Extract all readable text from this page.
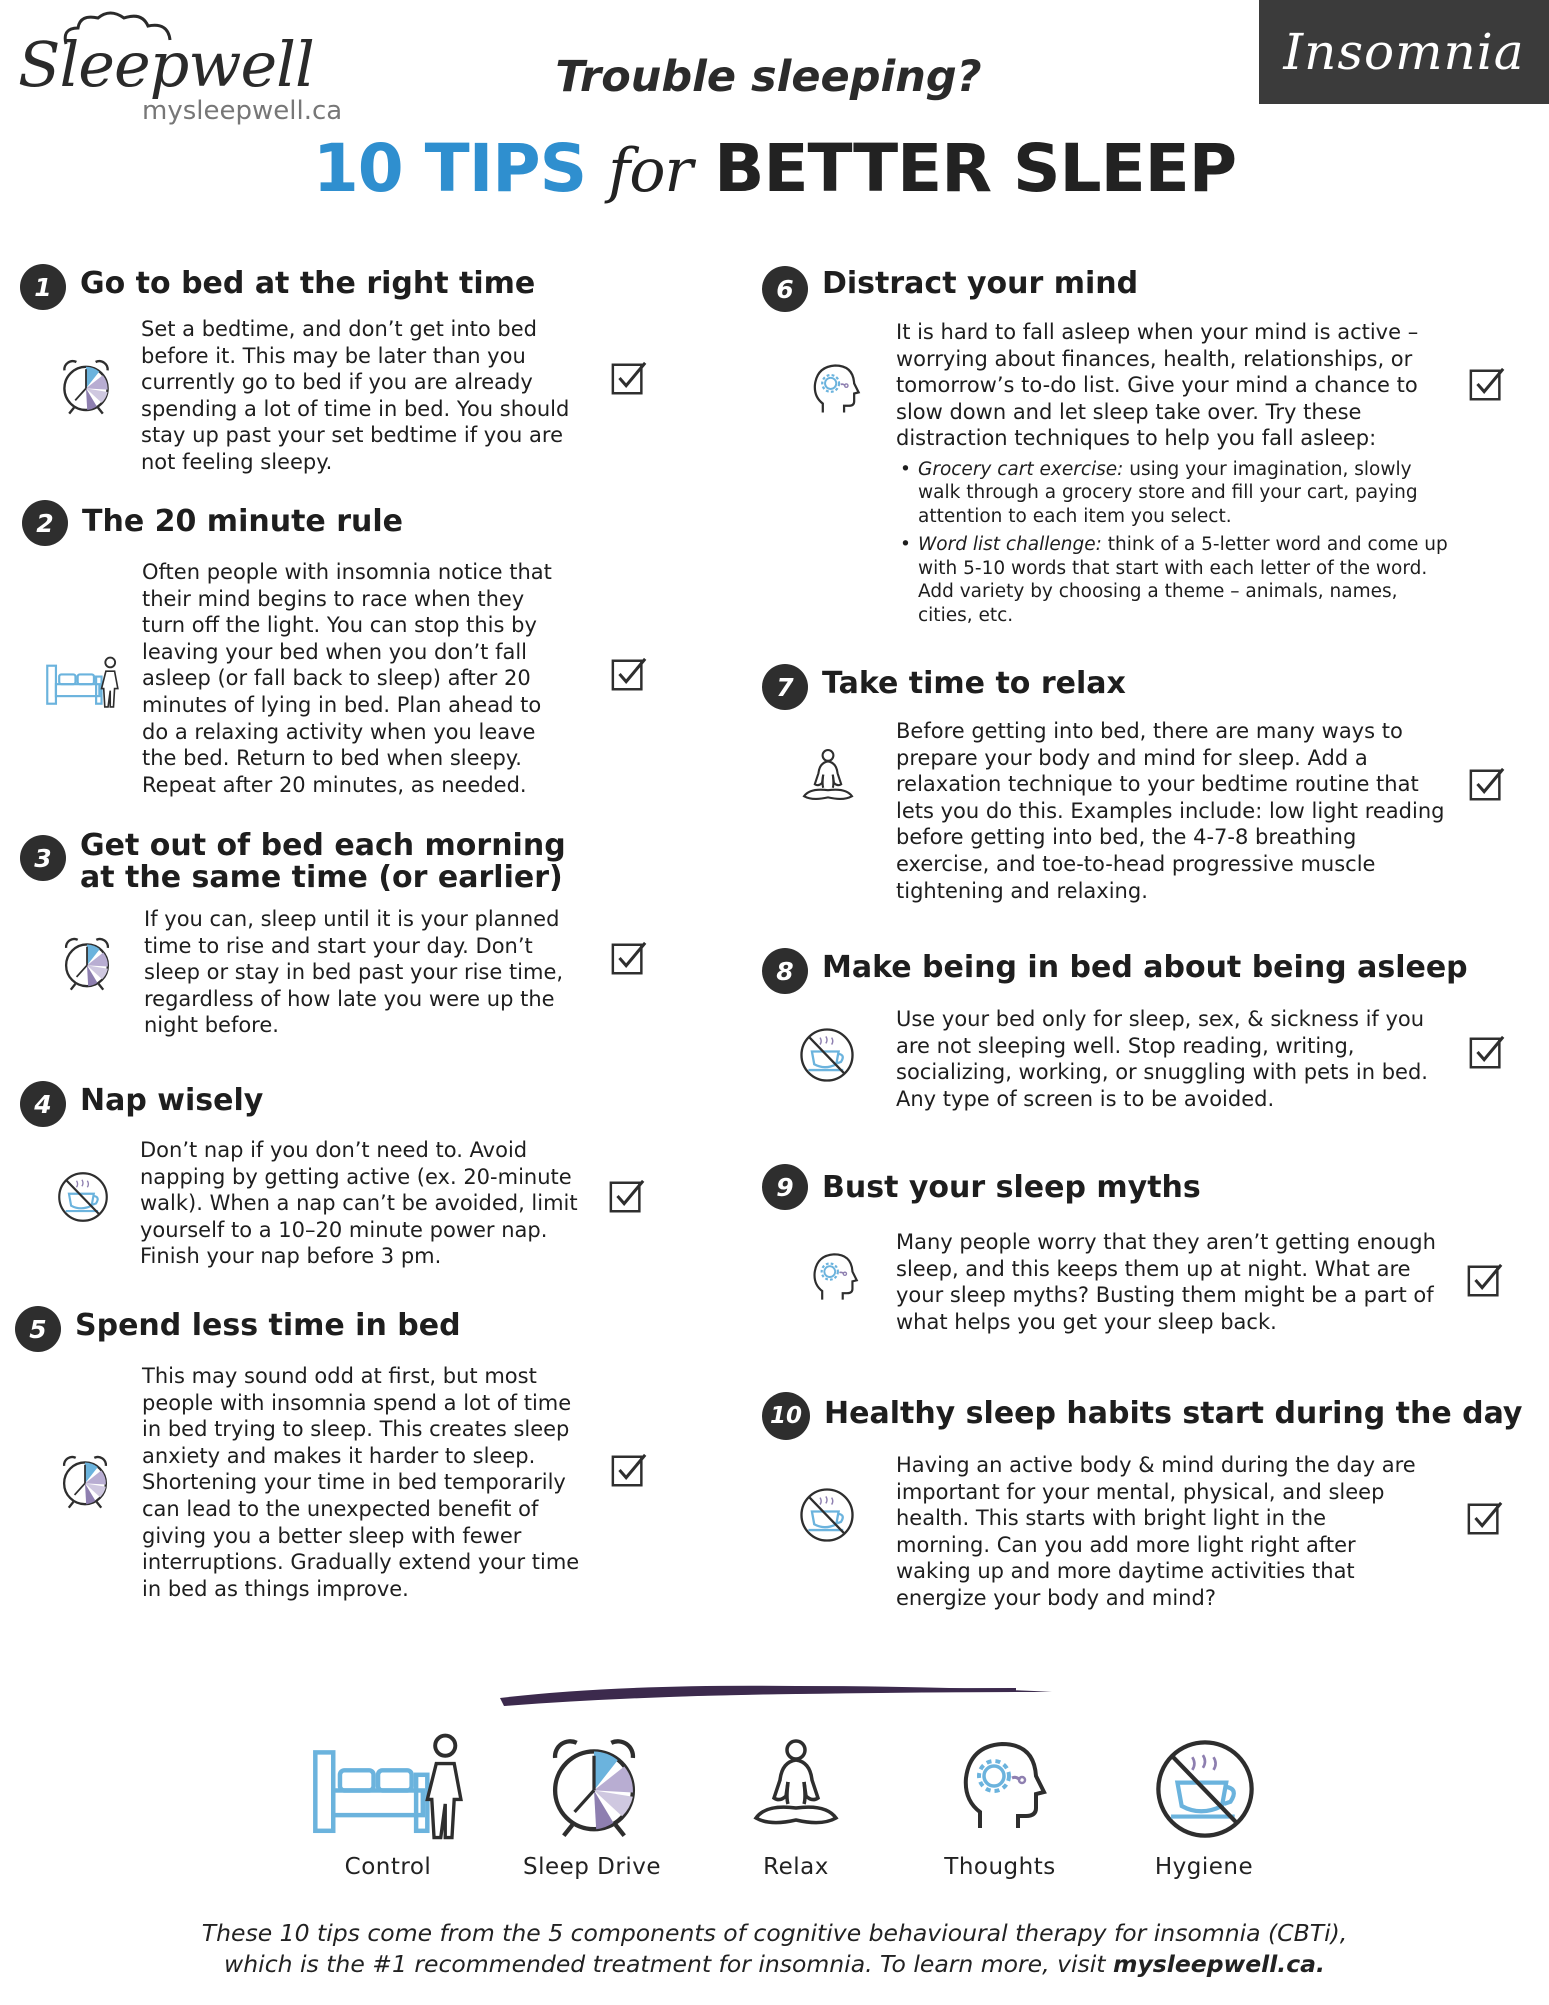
Sleepwell
mysleepwell.ca
Insomnia
Trouble sleeping?
10 TIPS for BETTER SLEEP
1 Go to bed at the right time
Set a bedtime, and don’t get into bed before it. This may be later than you currently go to bed if you are already spending a lot of time in bed. You should stay up past your set bedtime if you are not feeling sleepy.
2 The 20 minute rule
Often people with insomnia notice that their mind begins to race when they turn off the light. You can stop this by leaving your bed when you don’t fall asleep (or fall back to sleep) after 20 minutes of lying in bed. Plan ahead to do a relaxing activity when you leave the bed. Return to bed when sleepy. Repeat after 20 minutes, as needed.
3 Get out of bed each morning at the same time (or earlier)
If you can, sleep until it is your planned time to rise and start your day. Don’t sleep or stay in bed past your rise time, regardless of how late you were up the night before.
4 Nap wisely
Don’t nap if you don’t need to. Avoid napping by getting active (ex. 20-minute walk). When a nap can’t be avoided, limit yourself to a 10–20 minute power nap. Finish your nap before 3 pm.
5 Spend less time in bed
This may sound odd at first, but most people with insomnia spend a lot of time in bed trying to sleep. This creates sleep anxiety and makes it harder to sleep. Shortening your time in bed temporarily can lead to the unexpected benefit of giving you a better sleep with fewer interruptions. Gradually extend your time in bed as things improve.
6 Distract your mind
It is hard to fall asleep when your mind is active – worrying about finances, health, relationships, or tomorrow’s to-do list. Give your mind a chance to slow down and let sleep take over. Try these distraction techniques to help you fall asleep:
• Grocery cart exercise: using your imagination, slowly walk through a grocery store and fill your cart, paying attention to each item you select.
• Word list challenge: think of a 5-letter word and come up with 5-10 words that start with each letter of the word. Add variety by choosing a theme – animals, names, cities, etc.
7 Take time to relax
Before getting into bed, there are many ways to prepare your body and mind for sleep. Add a relaxation technique to your bedtime routine that lets you do this. Examples include: low light reading before getting into bed, the 4-7-8 breathing exercise, and toe-to-head progressive muscle tightening and relaxing.
8 Make being in bed about being asleep
Use your bed only for sleep, sex, & sickness if you are not sleeping well. Stop reading, writing, socializing, working, or snuggling with pets in bed. Any type of screen is to be avoided.
9 Bust your sleep myths
Many people worry that they aren’t getting enough sleep, and this keeps them up at night. What are your sleep myths? Busting them might be a part of what helps you get your sleep back.
10 Healthy sleep habits start during the day
Having an active body & mind during the day are important for your mental, physical, and sleep health. This starts with bright light in the morning. Can you add more light right after waking up and more daytime activities that energize your body and mind?
Control	Sleep Drive	Relax	Thoughts	Hygiene
These 10 tips come from the 5 components of cognitive behavioural therapy for insomnia (CBTi),
which is the #1 recommended treatment for insomnia. To learn more, visit mysleepwell.ca.
